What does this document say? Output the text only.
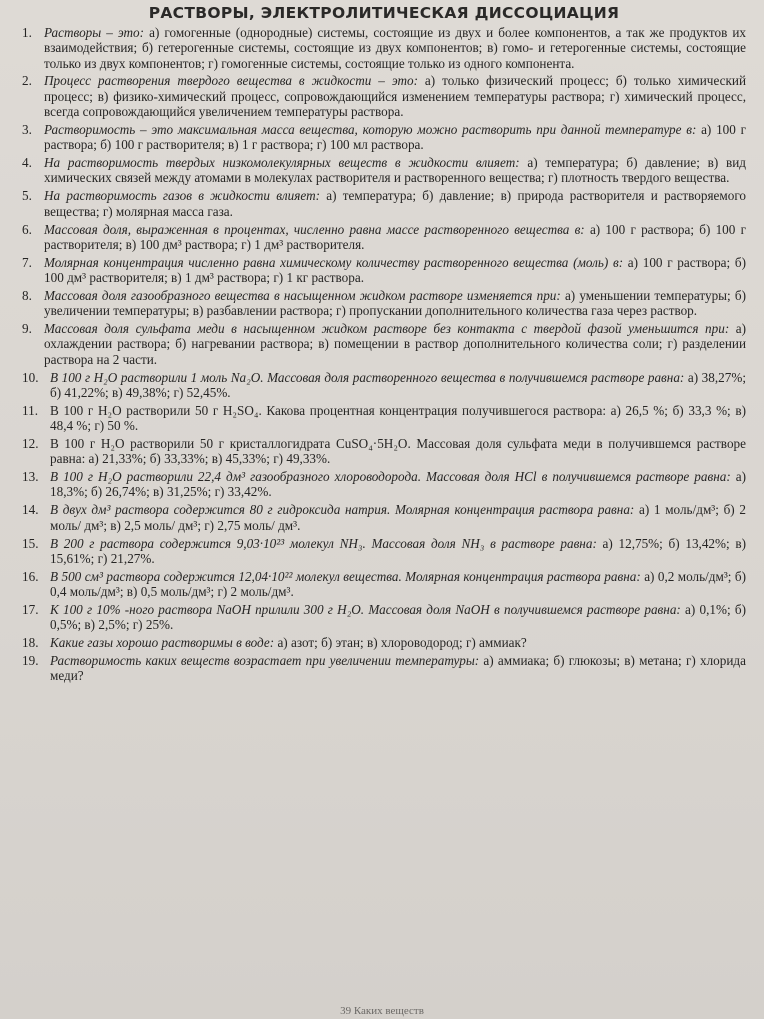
РАСТВОРЫ, ЭЛЕКТРОЛИТИЧЕСКАЯ ДИССОЦИАЦИЯ
1. Растворы – это: а) гомогенные (однородные) системы, состоящие из двух и более компонентов, а так же продуктов их взаимодействия; б) гетерогенные системы, состоящие из двух компонентов; в) гомо- и гетерогенные системы, состоящие только из двух компонентов; г) гомогенные системы, состоящие только из одного компонента.
2. Процесс растворения твердого вещества в жидкости – это: а) только физический процесс; б) только химический процесс; в) физико-химический процесс, сопровождающийся изменением температуры раствора; г) химический процесс, всегда сопровождающийся увеличением температуры раствора.
3. Растворимость – это максимальная масса вещества, которую можно растворить при данной температуре в: а) 100 г раствора; б) 100 г растворителя; в) 1 г раствора; г) 100 мл раствора.
4. На растворимость твердых низкомолекулярных веществ в жидкости влияет: а) температура; б) давление; в) вид химических связей между атомами в молекулах растворителя и растворенного вещества; г) плотность твердого вещества.
5. На растворимость газов в жидкости влияет: а) температура; б) давление; в) природа растворителя и растворяемого вещества; г) молярная масса газа.
6. Массовая доля, выраженная в процентах, численно равна массе растворенного вещества в: а) 100 г раствора; б) 100 г растворителя; в) 100 дм³ раствора; г) 1 дм³ растворителя.
7. Молярная концентрация численно равна химическому количеству растворенного вещества (моль) в: а) 100 г раствора; б) 100 дм³ растворителя; в) 1 дм³ раствора; г) 1 кг раствора.
8. Массовая доля газообразного вещества в насыщенном жидком растворе изменяется при: а) уменьшении температуры; б) увеличении температуры; в) разбавлении раствора; г) пропускании дополнительного количества газа через раствор.
9. Массовая доля сульфата меди в насыщенном жидком растворе без контакта с твердой фазой уменьшится при: а) охлаждении раствора; б) нагревании раствора; в) помещении в раствор дополнительного количества соли; г) разделении раствора на 2 части.
10. В 100 г H₂O растворили 1 моль Na₂O. Массовая доля растворенного вещества в получившемся растворе равна: а) 38,27%; б) 41,22%; в) 49,38%; г) 52,45%.
11. В 100 г H₂O растворили 50 г H₂SO₄. Какова процентная концентрация получившегося раствора: а) 26,5 %; б) 33,3 %; в) 48,4 %; г) 50 %.
12. В 100 г H₂O растворили 50 г кристаллогидрата CuSO₄·5H₂O. Массовая доля сульфата меди в получившемся растворе равна: а) 21,33%; б) 33,33%; в) 45,33%; г) 49,33%.
13. В 100 г H₂O растворили 22,4 дм³ газообразного хлороводорода. Массовая доля HCl в получившемся растворе равна: а) 18,3%; б) 26,74%; в) 31,25%; г) 33,42%.
14. В двух дм³ раствора содержится 80 г гидроксида натрия. Молярная концентрация раствора равна: а) 1 моль/дм³; б) 2 моль/ дм³; в) 2,5 моль/ дм³; г) 2,75 моль/ дм³.
15. В 200 г раствора содержится 9,03·10²³ молекул NH₃. Массовая доля NH₃ в растворе равна: а) 12,75%; б) 13,42%; в) 15,61%; г) 21,27%.
16. В 500 см³ раствора содержится 12,04·10²² молекул вещества. Молярная концентрация раствора равна: а) 0,2 моль/дм³; б) 0,4 моль/дм³; в) 0,5 моль/дм³; г) 2 моль/дм³.
17. К 100 г 10% -ного раствора NaOH прилили 300 г H₂O. Массовая доля NaOH в получившемся растворе равна: а) 0,1%; б) 0,5%; в) 2,5%; г) 25%.
18. Какие газы хорошо растворимы в воде: а) азот; б) этан; в) хлороводород; г) аммиак?
19. Растворимость каких веществ возрастает при увеличении температуры: а) аммиака; б) глюкозы; в) метана; г) хлорида меди?
39 Каких веществ
